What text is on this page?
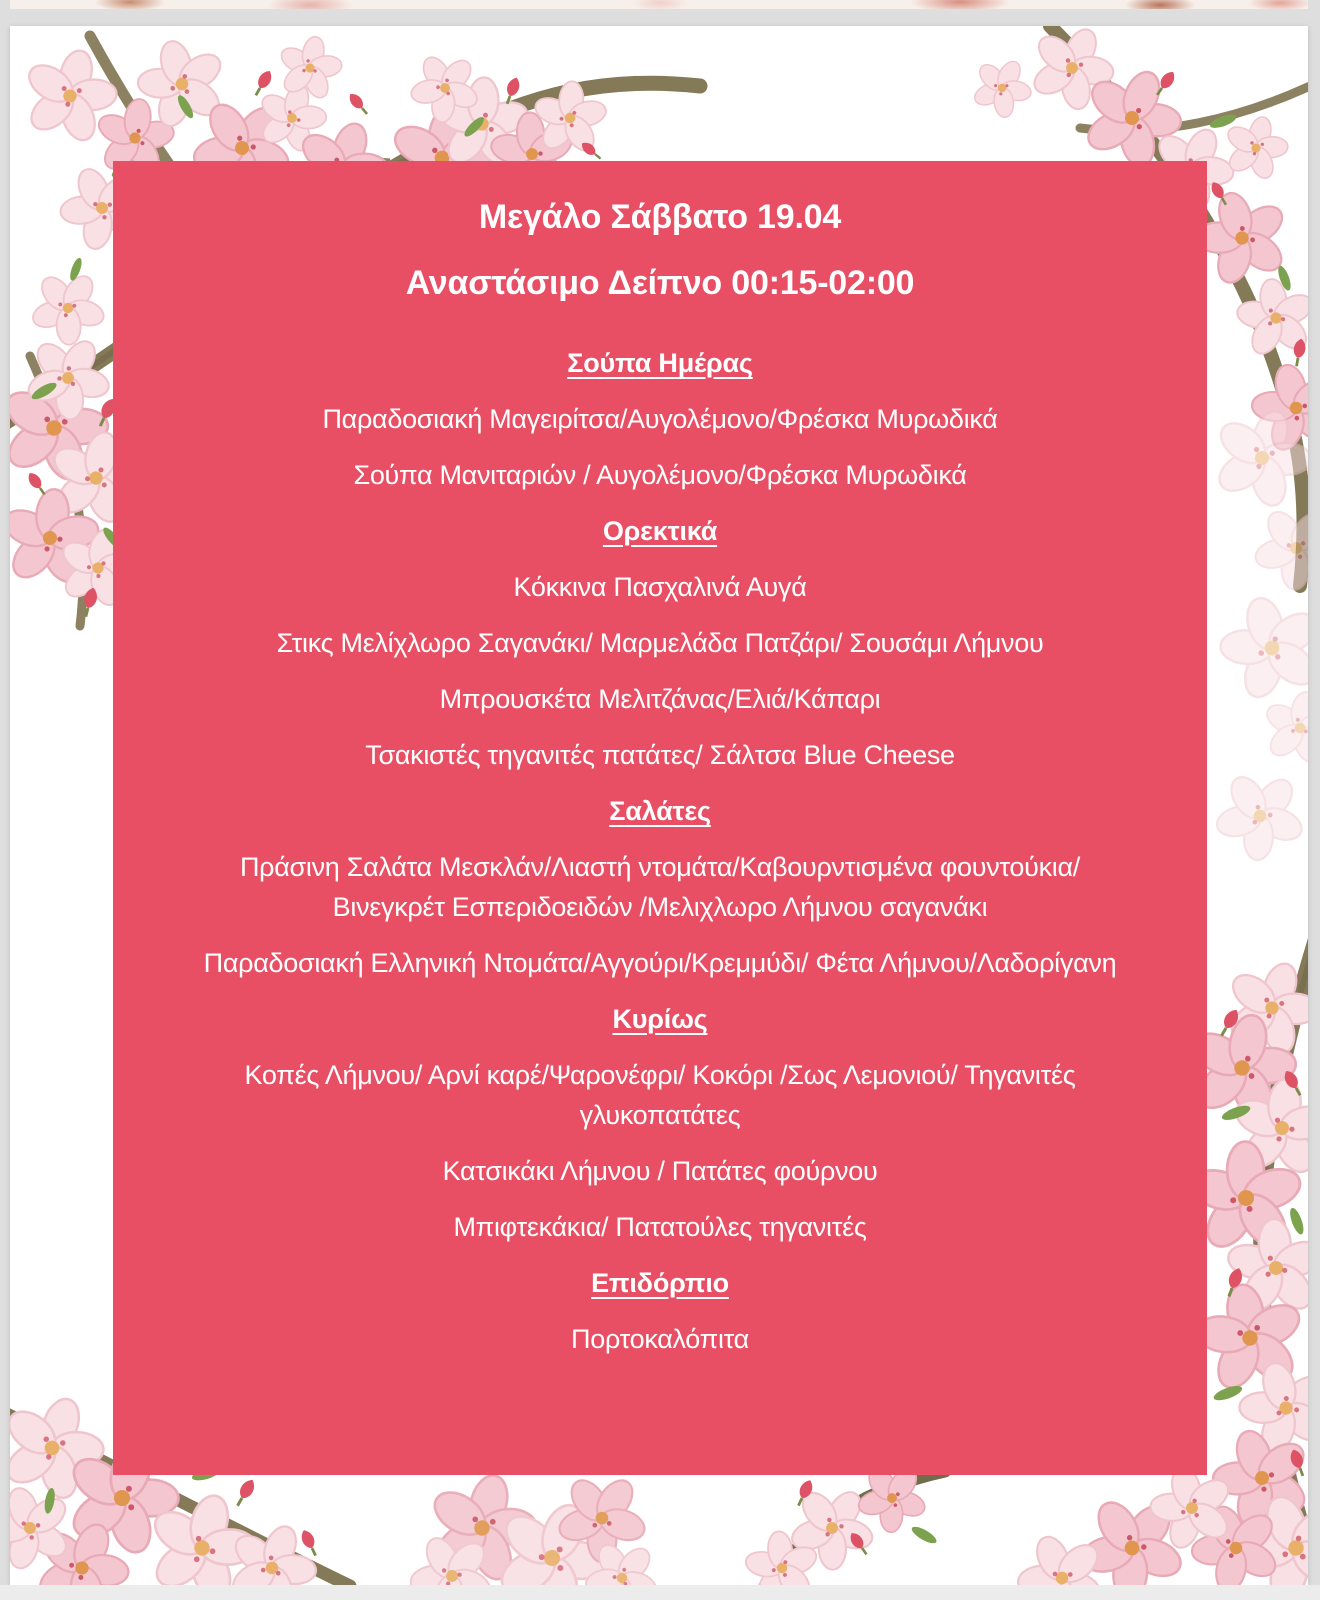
Μεγάλο Σάββατο 19.04
Αναστάσιμο Δείπνο 00:15-02:00
Σούπα Ημέρας

Παραδοσιακή Μαγειρίτσα/Αυγολέμονο/Φρέσκα Μυρωδικά

Σούπα Μανιταριών / Αυγολέμονο/Φρέσκα Μυρωδικά

Ορεκτικά

Κόκκινα Πασχαλινά Αυγά

Στικς Μελίχλωρο Σαγανάκι/ Μαρμελάδα Πατζάρι/ Σουσάμι Λήμνου

Μπρουσκέτα Μελιτζάνας/Ελιά/Κάπαρι

Τσακιστές τηγανιτές πατάτες/ Σάλτσα Blue Cheese

Σαλάτες

Πράσινη Σαλάτα Μεσκλάν/Λιαστή ντομάτα/Καβουρντισμένα φουντούκια/Βινεγκρέτ Εσπεριδοειδών /Μελιχλωρο Λήμνου σαγανάκι

Παραδοσιακή Ελληνική Ντομάτα/Αγγούρι/Κρεμμύδι/ Φέτα Λήμνου/Λαδορίγανη

Κυρίως

Κοπές Λήμνου/ Αρνί καρέ/Ψαρονέφρι/ Κοκόρι /Σως Λεμονιού/ Τηγανιτές γλυκοπατάτες

Κατσικάκι Λήμνου / Πατάτες φούρνου

Μπιφτεκάκια/ Πατατούλες τηγανιτές

Επιδόρπιο

Πορτοκαλόπιτα
